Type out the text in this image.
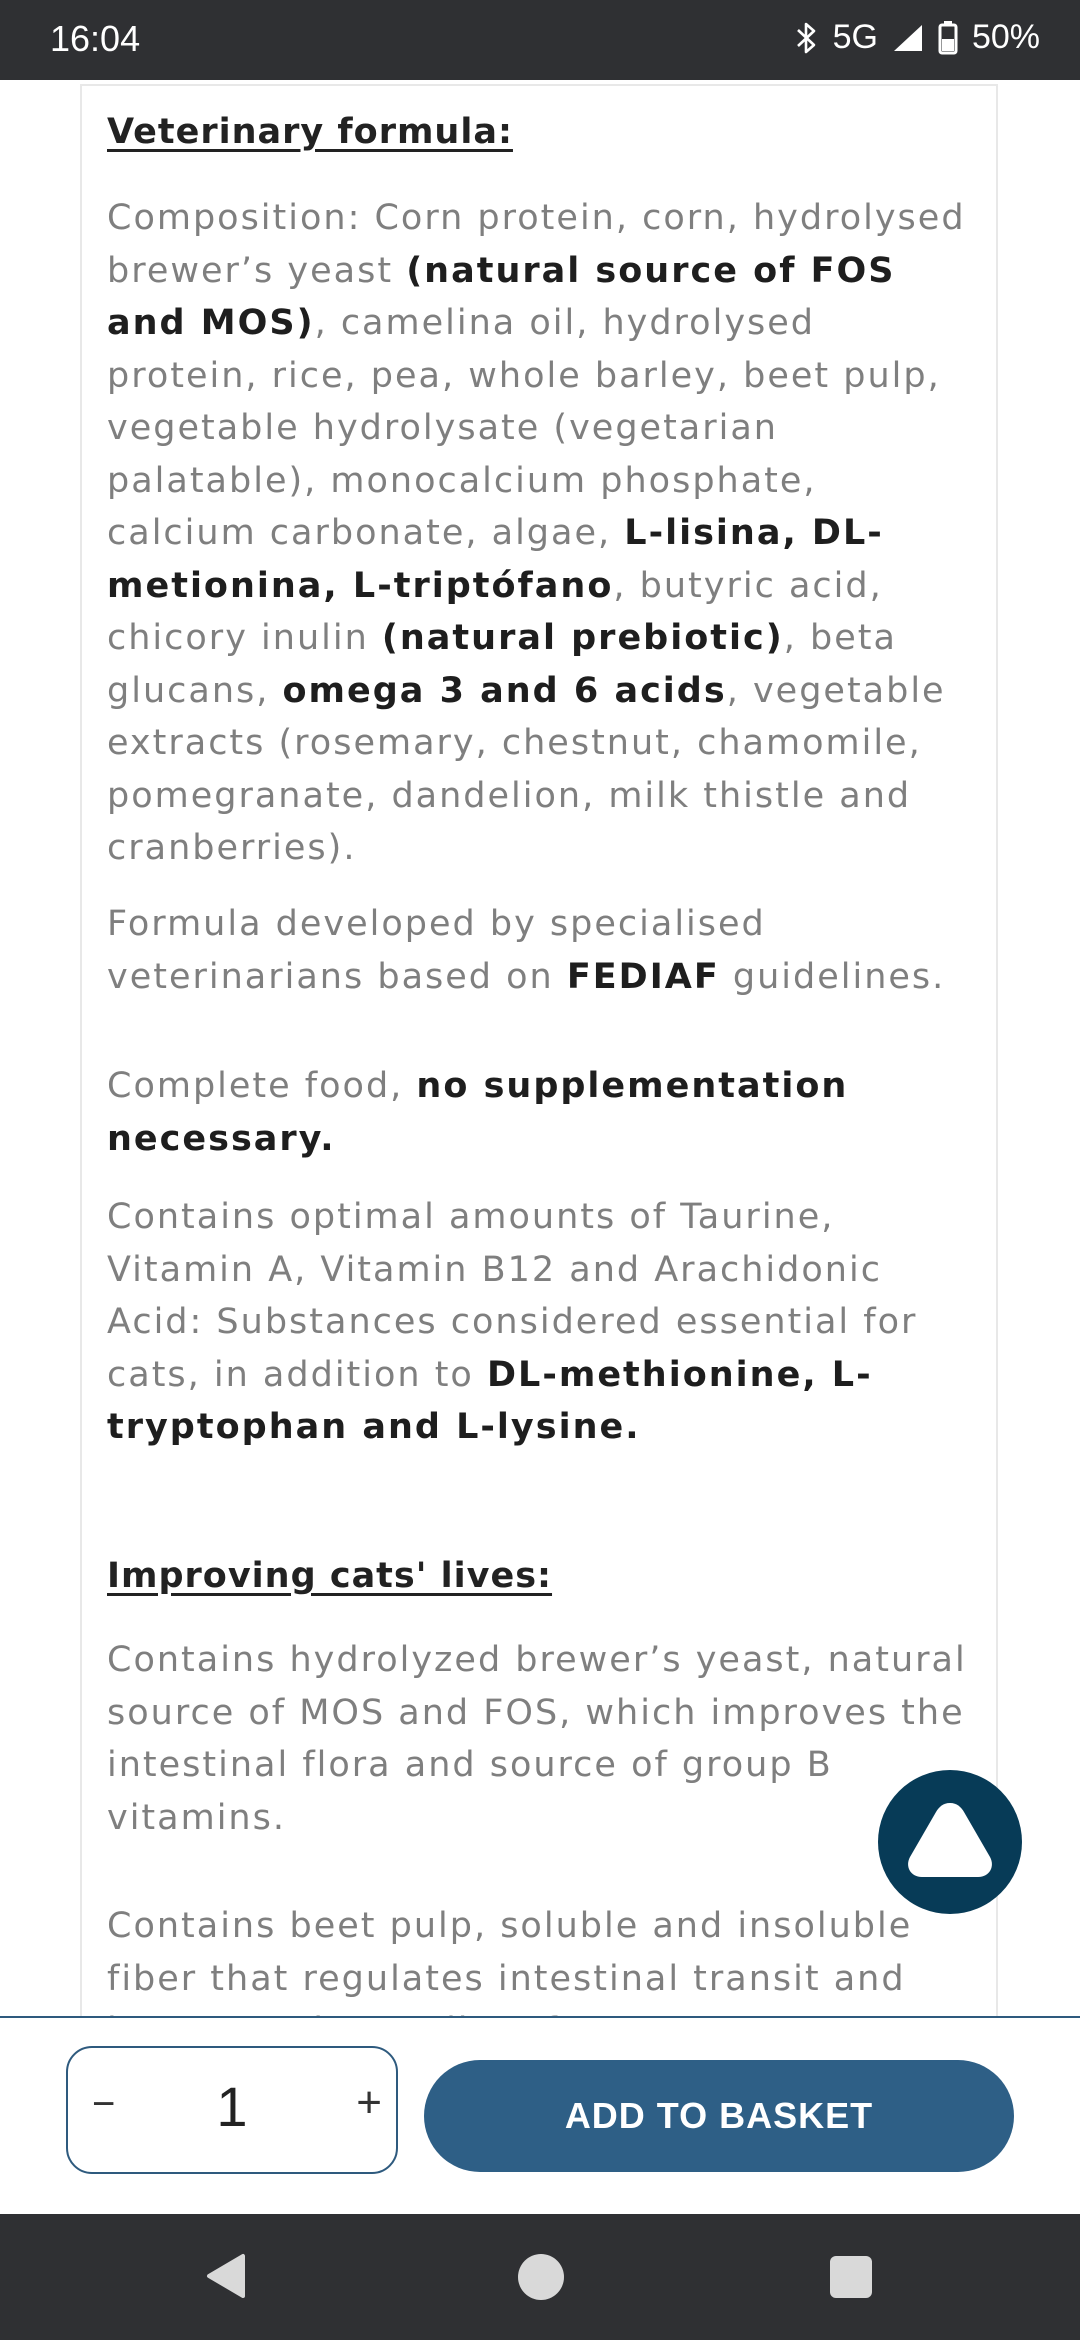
16:04	5G	50%
Veterinary formula:

Composition: Corn protein, corn, hydrolysed brewer’s yeast (natural source of FOS and MOS), camelina oil, hydrolysed protein, rice, pea, whole barley, beet pulp, vegetable hydrolysate (vegetarian palatable), monocalcium phosphate, calcium carbonate, algae, L-lisina, DL-metionina, L-triptófano, butyric acid, chicory inulin (natural prebiotic), beta glucans, omega 3 and 6 acids, vegetable extracts (rosemary, chestnut, chamomile, pomegranate, dandelion, milk thistle and cranberries).

Formula developed by specialised veterinarians based on FEDIAF guidelines.

Complete food, no supplementation necessary.

Contains optimal amounts of Taurine, Vitamin A, Vitamin B12 and Arachidonic Acid: Substances considered essential for cats, in addition to DL-methionine, L-tryptophan and L-lysine.

Improving cats' lives:

Contains hydrolyzed brewer’s yeast, natural source of MOS and FOS, which improves the intestinal flora and source of group B vitamins.

Contains beet pulp, soluble and insoluble fiber that regulates intestinal transit and

−	1	+	ADD TO BASKET
